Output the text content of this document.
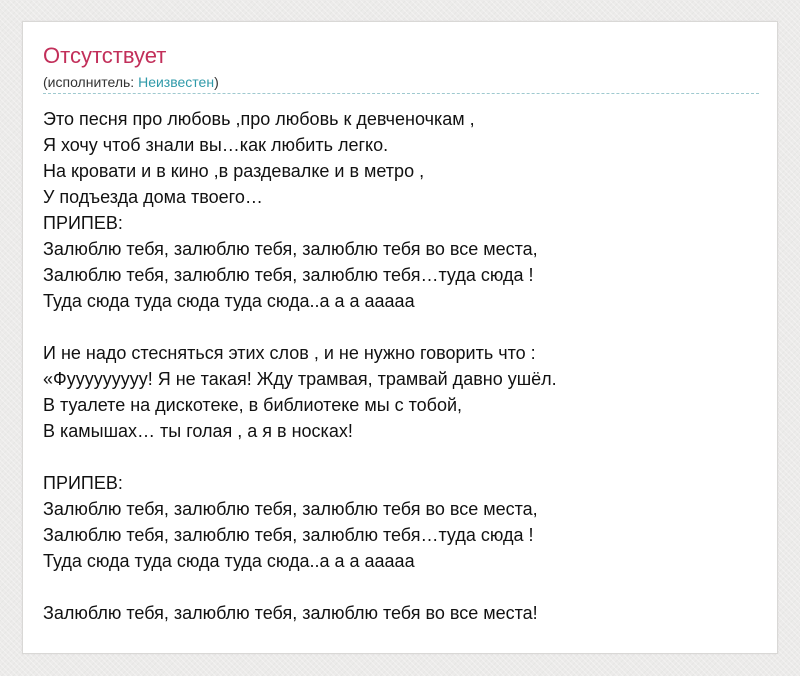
Отсутствует
(исполнитель: Неизвестен)
Это песня про любовь ,про любовь к девченочкам ,
Я хочу чтоб знали вы…как любить легко.
На кровати и в кино ,в раздевалке и в метро ,
У подъезда дома твоего…
ПРИПЕВ:
Залюблю тебя, залюблю тебя, залюблю тебя во все места,
Залюблю тебя, залюблю тебя, залюблю тебя…туда сюда !
Туда сюда туда сюда туда сюда..а а а ааааа
И не надо стесняться этих слов , и не нужно говорить что :
«Фууууууууу! Я не такая! Жду трамвая, трамвай давно ушёл.
В туалете на дискотеке, в библиотеке мы с тобой,
В камышах… ты голая , а я в носках!
ПРИПЕВ:
Залюблю тебя, залюблю тебя, залюблю тебя во все места,
Залюблю тебя, залюблю тебя, залюблю тебя…туда сюда !
Туда сюда туда сюда туда сюда..а а а ааааа
Залюблю тебя, залюблю тебя, залюблю тебя во все места!
